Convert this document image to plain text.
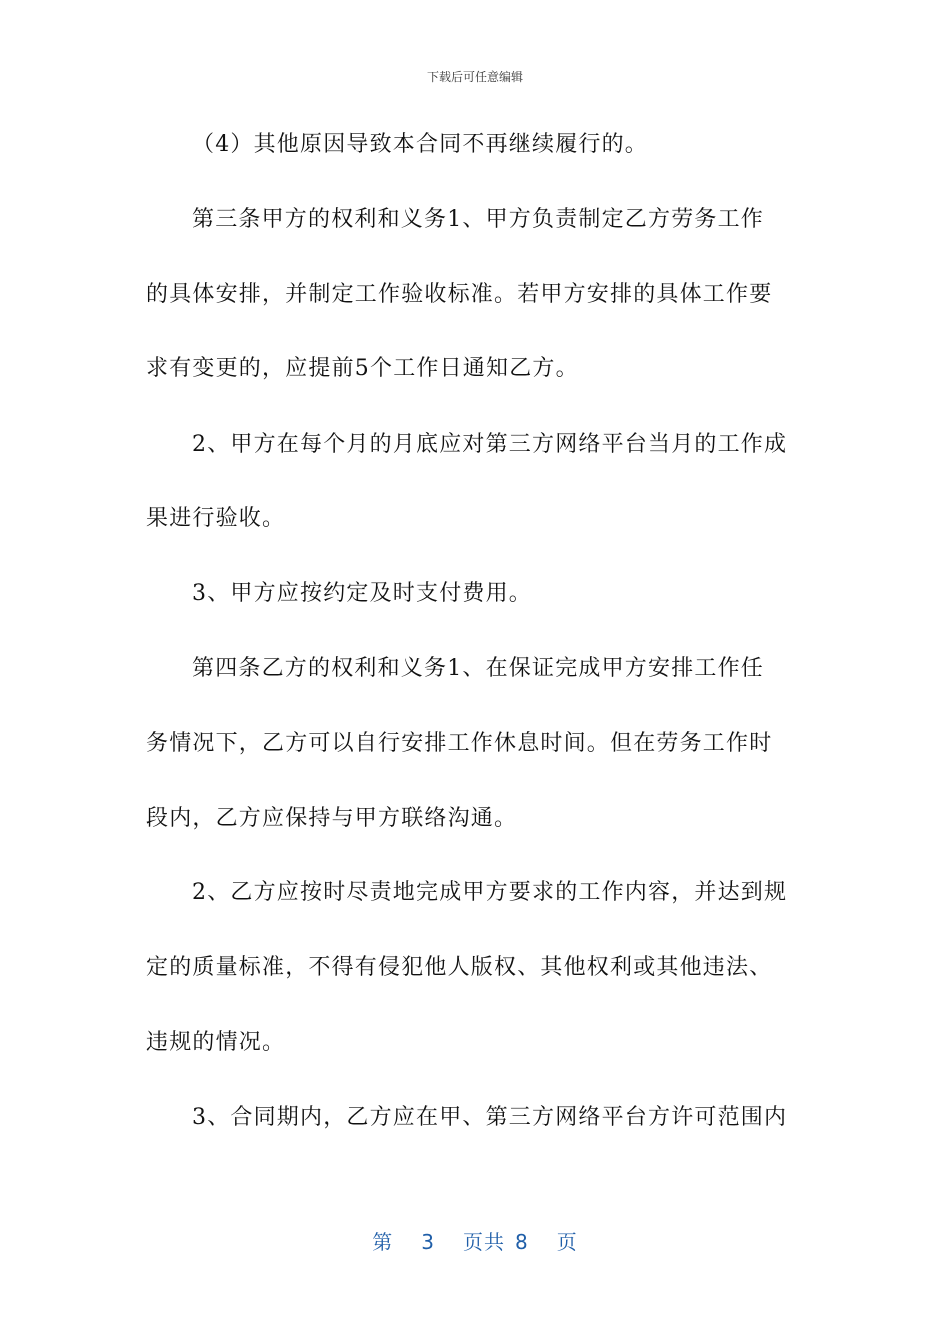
下载后可任意编辑
（4）其他原因导致本合同不再继续履行的。
第三条甲方的权利和义务1、甲方负责制定乙方劳务工作
的具体安排，并制定工作验收标准。若甲方安排的具体工作要
求有变更的，应提前5个工作日通知乙方。
2、甲方在每个月的月底应对第三方网络平台当月的工作成
果进行验收。
3、甲方应按约定及时支付费用。
第四条乙方的权利和义务1、在保证完成甲方安排工作任
务情况下，乙方可以自行安排工作休息时间。但在劳务工作时
段内，乙方应保持与甲方联络沟通。
2、乙方应按时尽责地完成甲方要求的工作内容，并达到规
定的质量标准，不得有侵犯他人版权、其他权利或其他违法、
违规的情况。
3、合同期内，乙方应在甲、第三方网络平台方许可范围内
第 3 页共 8 页
